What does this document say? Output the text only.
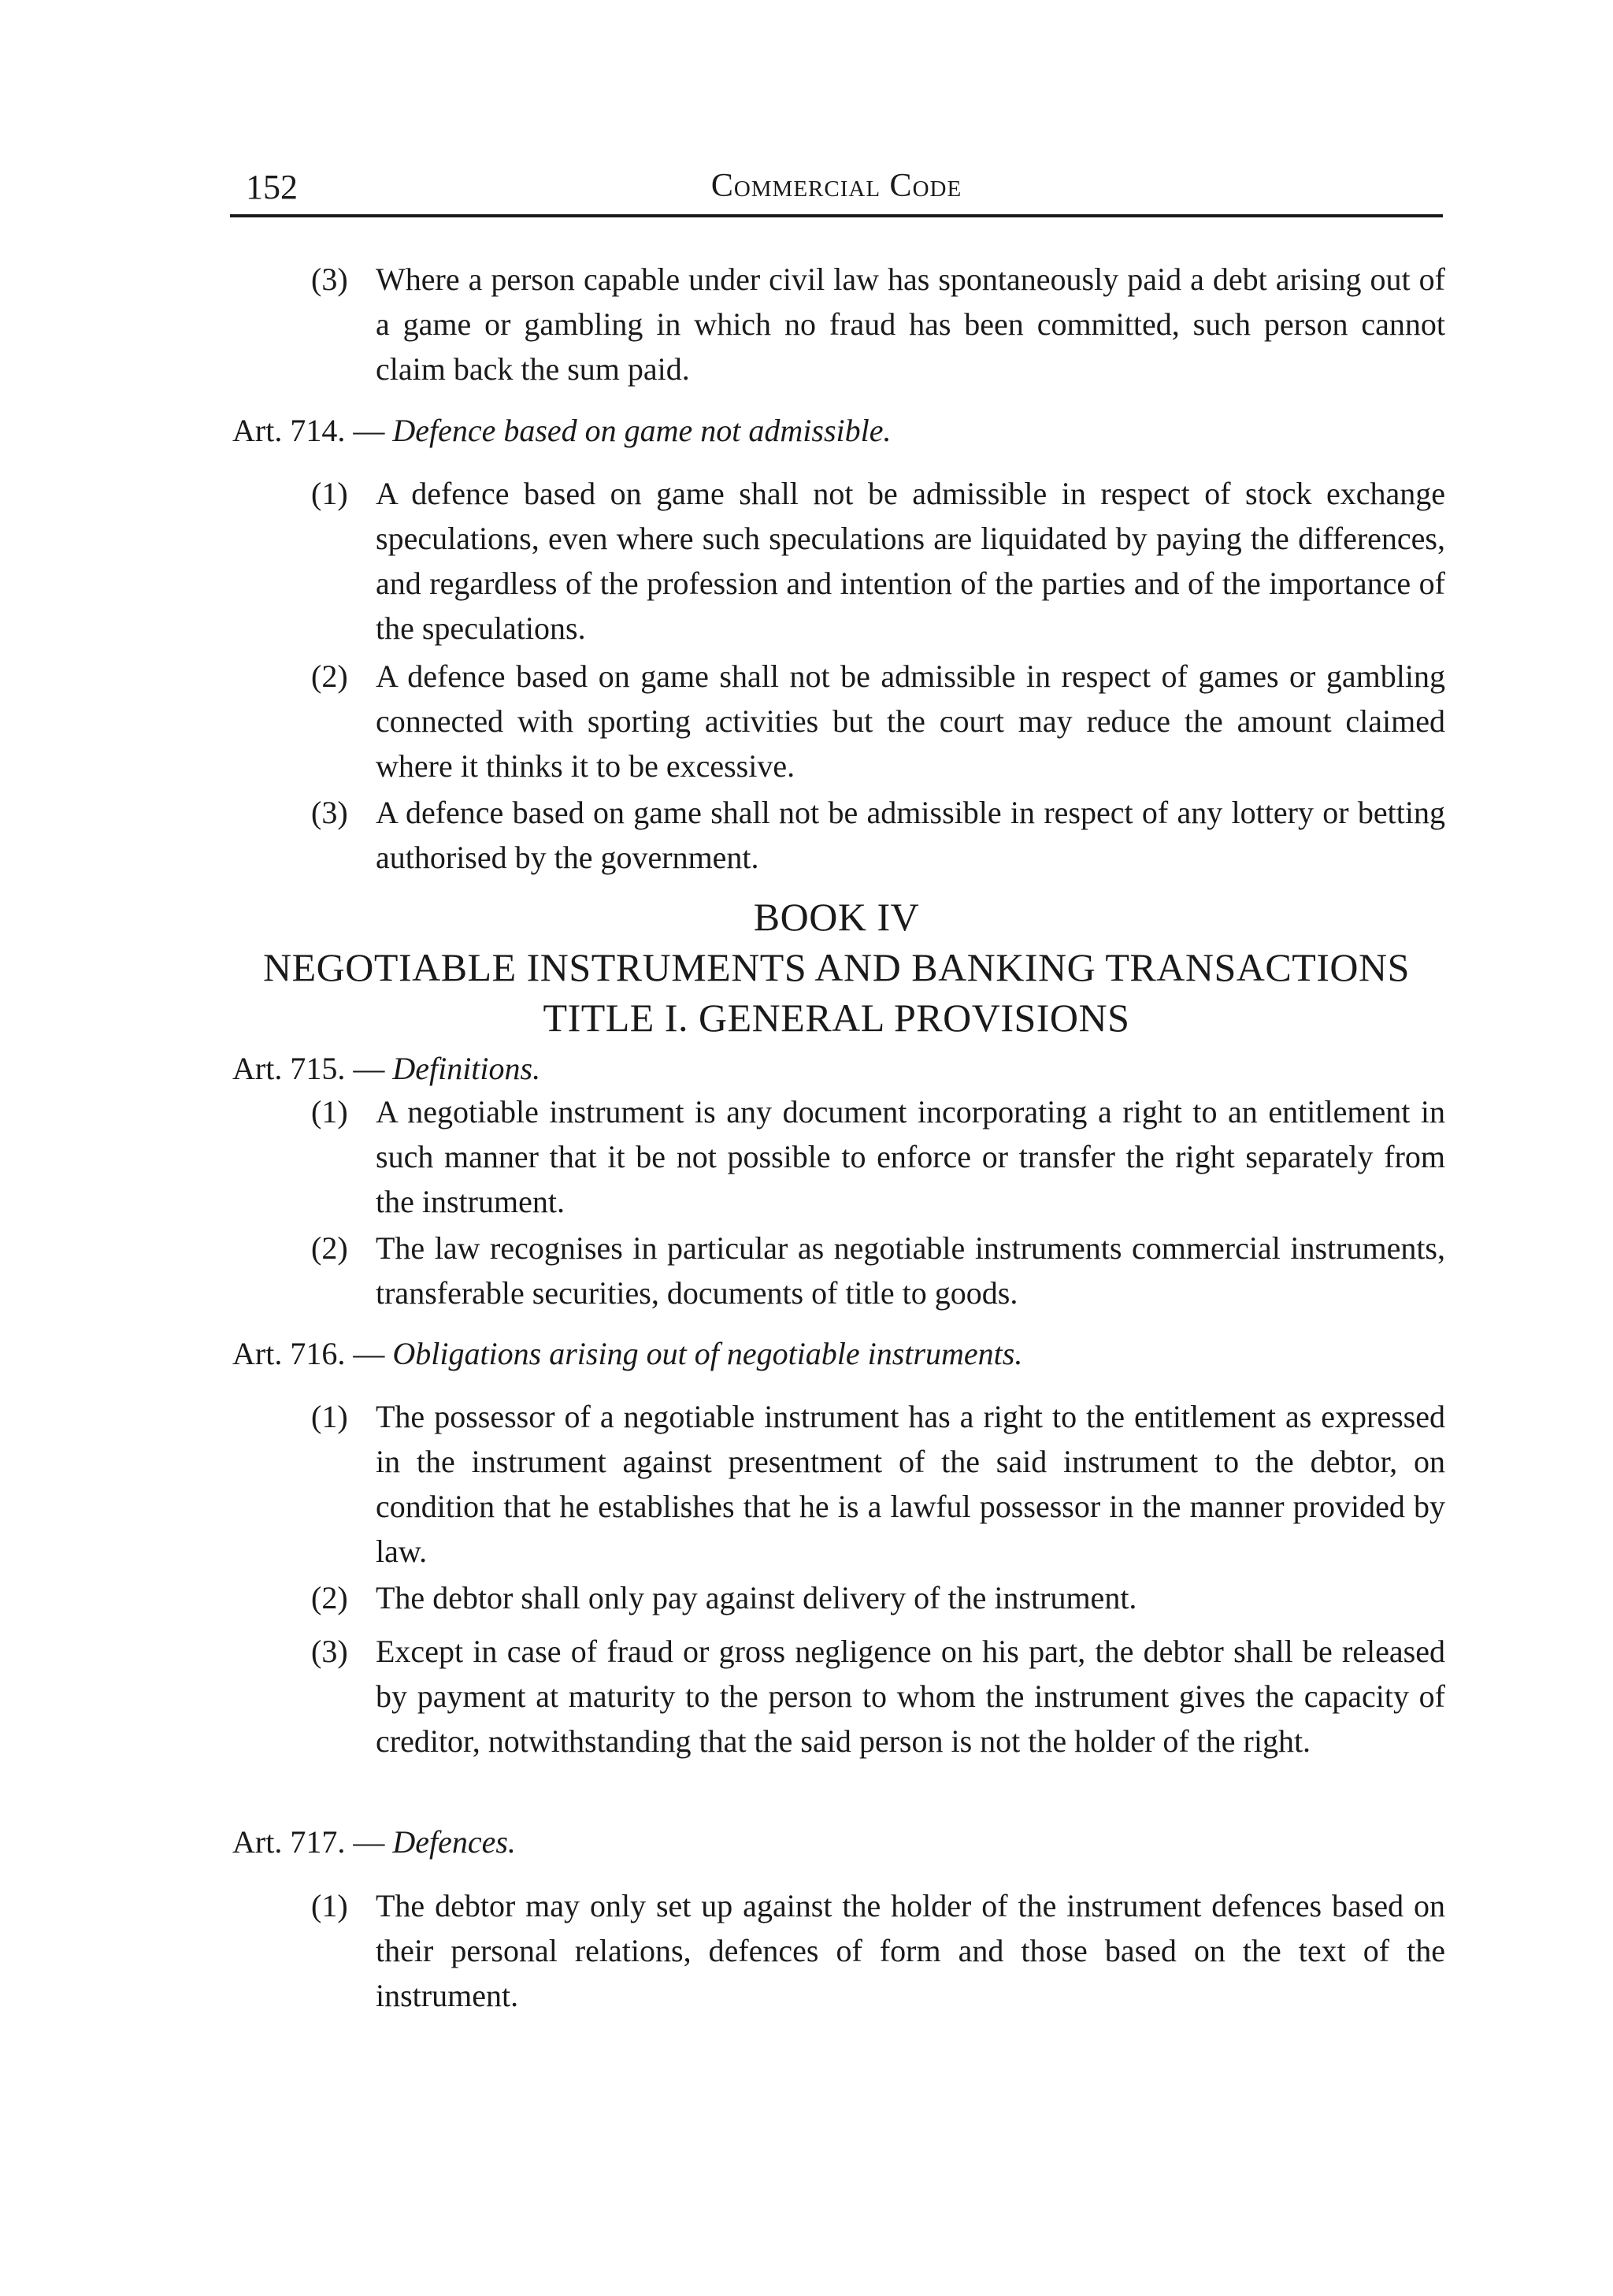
152	Commercial Code
(3) Where a person capable under civil law has spontaneously paid a debt arising out of a game or gambling in which no fraud has been committed, such person cannot claim back the sum paid.
Art. 714. — Defence based on game not admissible.
(1) A defence based on game shall not be admissible in respect of stock exchange speculations, even where such speculations are liquidated by paying the differences, and regardless of the profession and intention of the parties and of the importance of the speculations.
(2) A defence based on game shall not be admissible in respect of games or gambling connected with sporting activities but the court may reduce the amount claimed where it thinks it to be excessive.
(3) A defence based on game shall not be admissible in respect of any lottery or betting authorised by the government.
BOOK IV
NEGOTIABLE INSTRUMENTS AND BANKING TRANSACTIONS
TITLE I. GENERAL PROVISIONS
Art. 715. — Definitions.
(1) A negotiable instrument is any document incorporating a right to an entitlement in such manner that it be not possible to enforce or transfer the right separately from the instrument.
(2) The law recognises in particular as negotiable instruments commercial instruments, transferable securities, documents of title to goods.
Art. 716. — Obligations arising out of negotiable instruments.
(1) The possessor of a negotiable instrument has a right to the entitlement as expressed in the instrument against presentment of the said instrument to the debtor, on condition that he establishes that he is a lawful possessor in the manner provided by law.
(2) The debtor shall only pay against delivery of the instrument.
(3) Except in case of fraud or gross negligence on his part, the debtor shall be released by payment at maturity to the person to whom the instrument gives the capacity of creditor, notwithstanding that the said person is not the holder of the right.
Art. 717. — Defences.
(1) The debtor may only set up against the holder of the instrument defences based on their personal relations, defences of form and those based on the text of the instrument.
